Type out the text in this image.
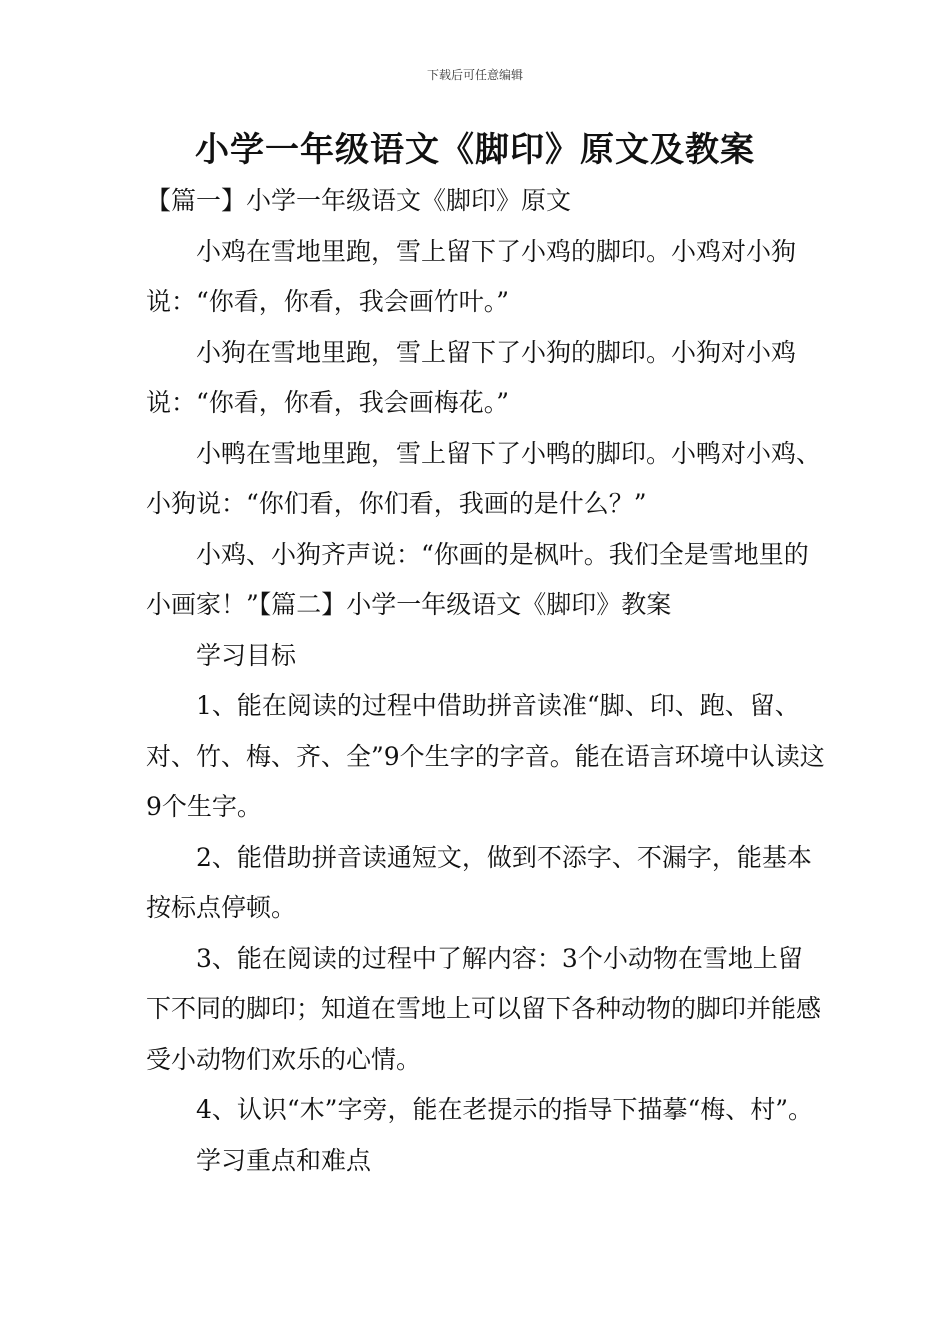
下载后可任意编辑
小学一年级语文《脚印》原文及教案

【篇一】小学一年级语文《脚印》原文

小鸡在雪地里跑，雪上留下了小鸡的脚印。小鸡对小狗说：“你看，你看，我会画竹叶。”

小狗在雪地里跑，雪上留下了小狗的脚印。小狗对小鸡说：“你看，你看，我会画梅花。”

小鸭在雪地里跑，雪上留下了小鸭的脚印。小鸭对小鸡、小狗说：“你们看，你们看，我画的是什么？”

小鸡、小狗齐声说：“你画的是枫叶。我们全是雪地里的小画家！”【篇二】小学一年级语文《脚印》教案

学习目标

1、能在阅读的过程中借助拼音读准“脚、印、跑、留、对、竹、梅、齐、全”9个生字的字音。能在语言环境中认读这9个生字。

2、能借助拼音读通短文，做到不添字、不漏字，能基本按标点停顿。

3、能在阅读的过程中了解内容：3个小动物在雪地上留下不同的脚印；知道在雪地上可以留下各种动物的脚印并能感受小动物们欢乐的心情。

4、认识“木”字旁，能在老提示的指导下描摹“梅、村”。

学习重点和难点
